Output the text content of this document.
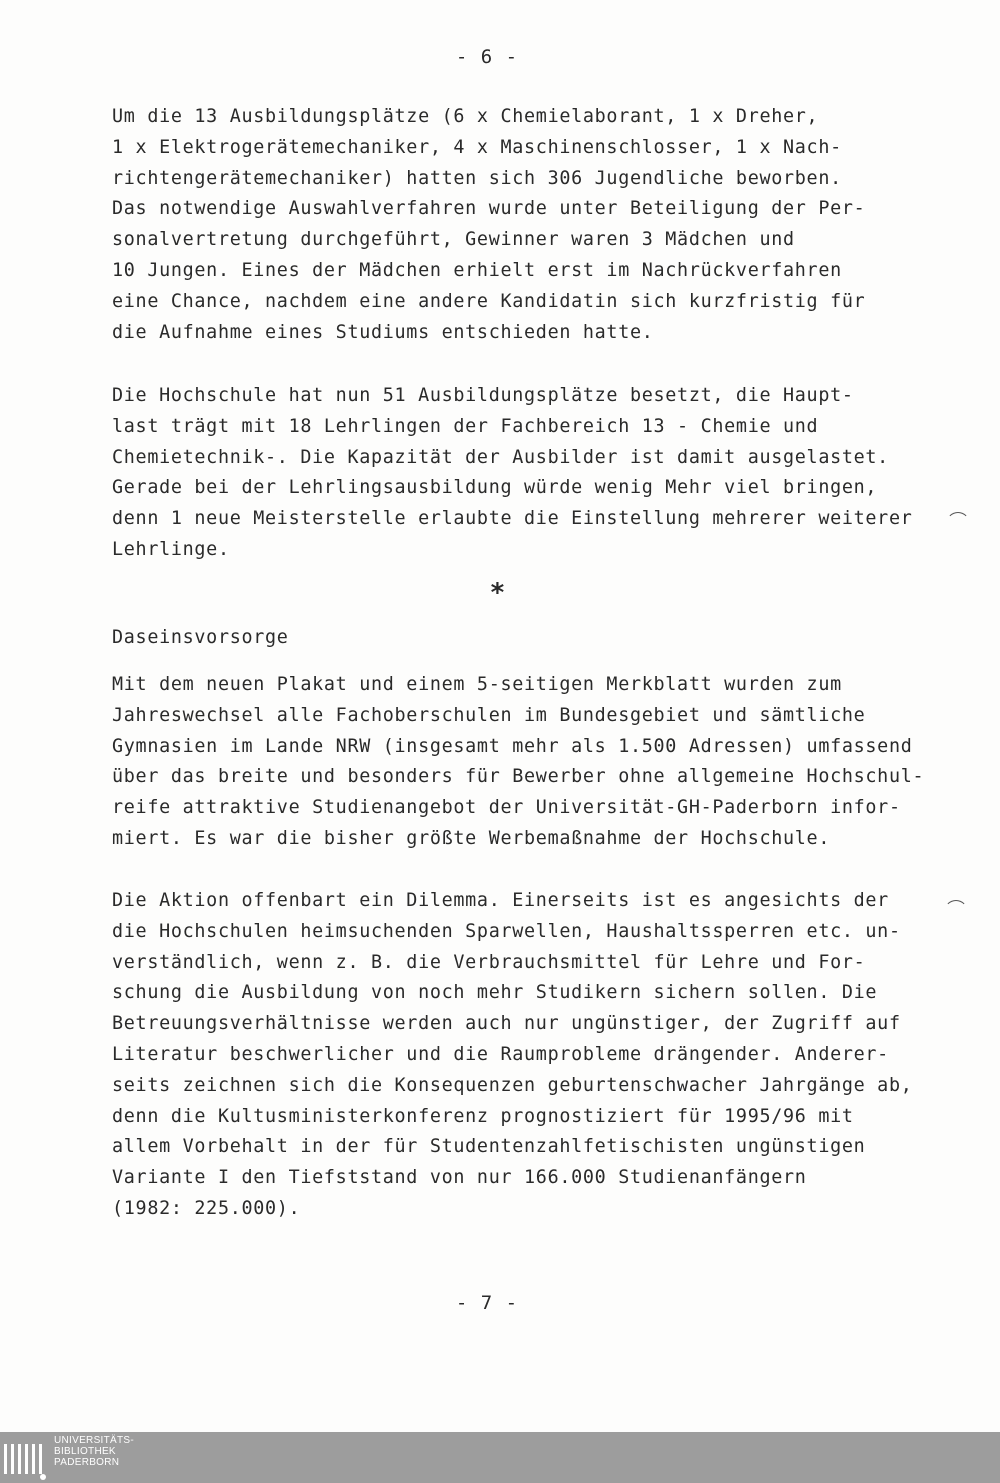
- 6 -

Um die 13 Ausbildungsplätze (6 x Chemielaborant, 1 x Dreher,
1 x Elektrogerätemechaniker, 4 x Maschinenschlosser, 1 x Nach-
richtengerätemechaniker) hatten sich 306 Jugendliche beworben.
Das notwendige Auswahlverfahren wurde unter Beteiligung der Per-
sonalvertretung durchgeführt, Gewinner waren 3 Mädchen und
10 Jungen. Eines der Mädchen erhielt erst im Nachrückverfahren
eine Chance, nachdem eine andere Kandidatin sich kurzfristig für
die Aufnahme eines Studiums entschieden hatte.

Die Hochschule hat nun 51 Ausbildungsplätze besetzt, die Haupt-
last trägt mit 18 Lehrlingen der Fachbereich 13 - Chemie und
Chemietechnik-. Die Kapazität der Ausbilder ist damit ausgelastet.
Gerade bei der Lehrlingsausbildung würde wenig Mehr viel bringen,
denn 1 neue Meisterstelle erlaubte die Einstellung mehrerer weiterer
Lehrlinge.

*
Daseinsvorsorge

Mit dem neuen Plakat und einem 5-seitigen Merkblatt wurden zum
Jahreswechsel alle Fachoberschulen im Bundesgebiet und sämtliche
Gymnasien im Lande NRW (insgesamt mehr als 1.500 Adressen) umfassend
über das breite und besonders für Bewerber ohne allgemeine Hochschul-
reife attraktive Studienangebot der Universität-GH-Paderborn infor-
miert. Es war die bisher größte Werbemaßnahme der Hochschule.

Die Aktion offenbart ein Dilemma. Einerseits ist es angesichts der
die Hochschulen heimsuchenden Sparwellen, Haushaltssperren etc. un-
verständlich, wenn z. B. die Verbrauchsmittel für Lehre und For-
schung die Ausbildung von noch mehr Studikern sichern sollen. Die
Betreuungsverhältnisse werden auch nur ungünstiger, der Zugriff auf
Literatur beschwerlicher und die Raumprobleme drängender. Anderer-
seits zeichnen sich die Konsequenzen geburtenschwacher Jahrgänge ab,
denn die Kultusministerkonferenz prognostiziert für 1995/96 mit
allem Vorbehalt in der für Studentenzahlfetischisten ungünstigen
Variante I den Tiefststand von nur 166.000 Studienanfängern
(1982: 225.000).

- 7 -
UNIVERSITÄTS-
BIBLIOTHEK
PADERBORN
